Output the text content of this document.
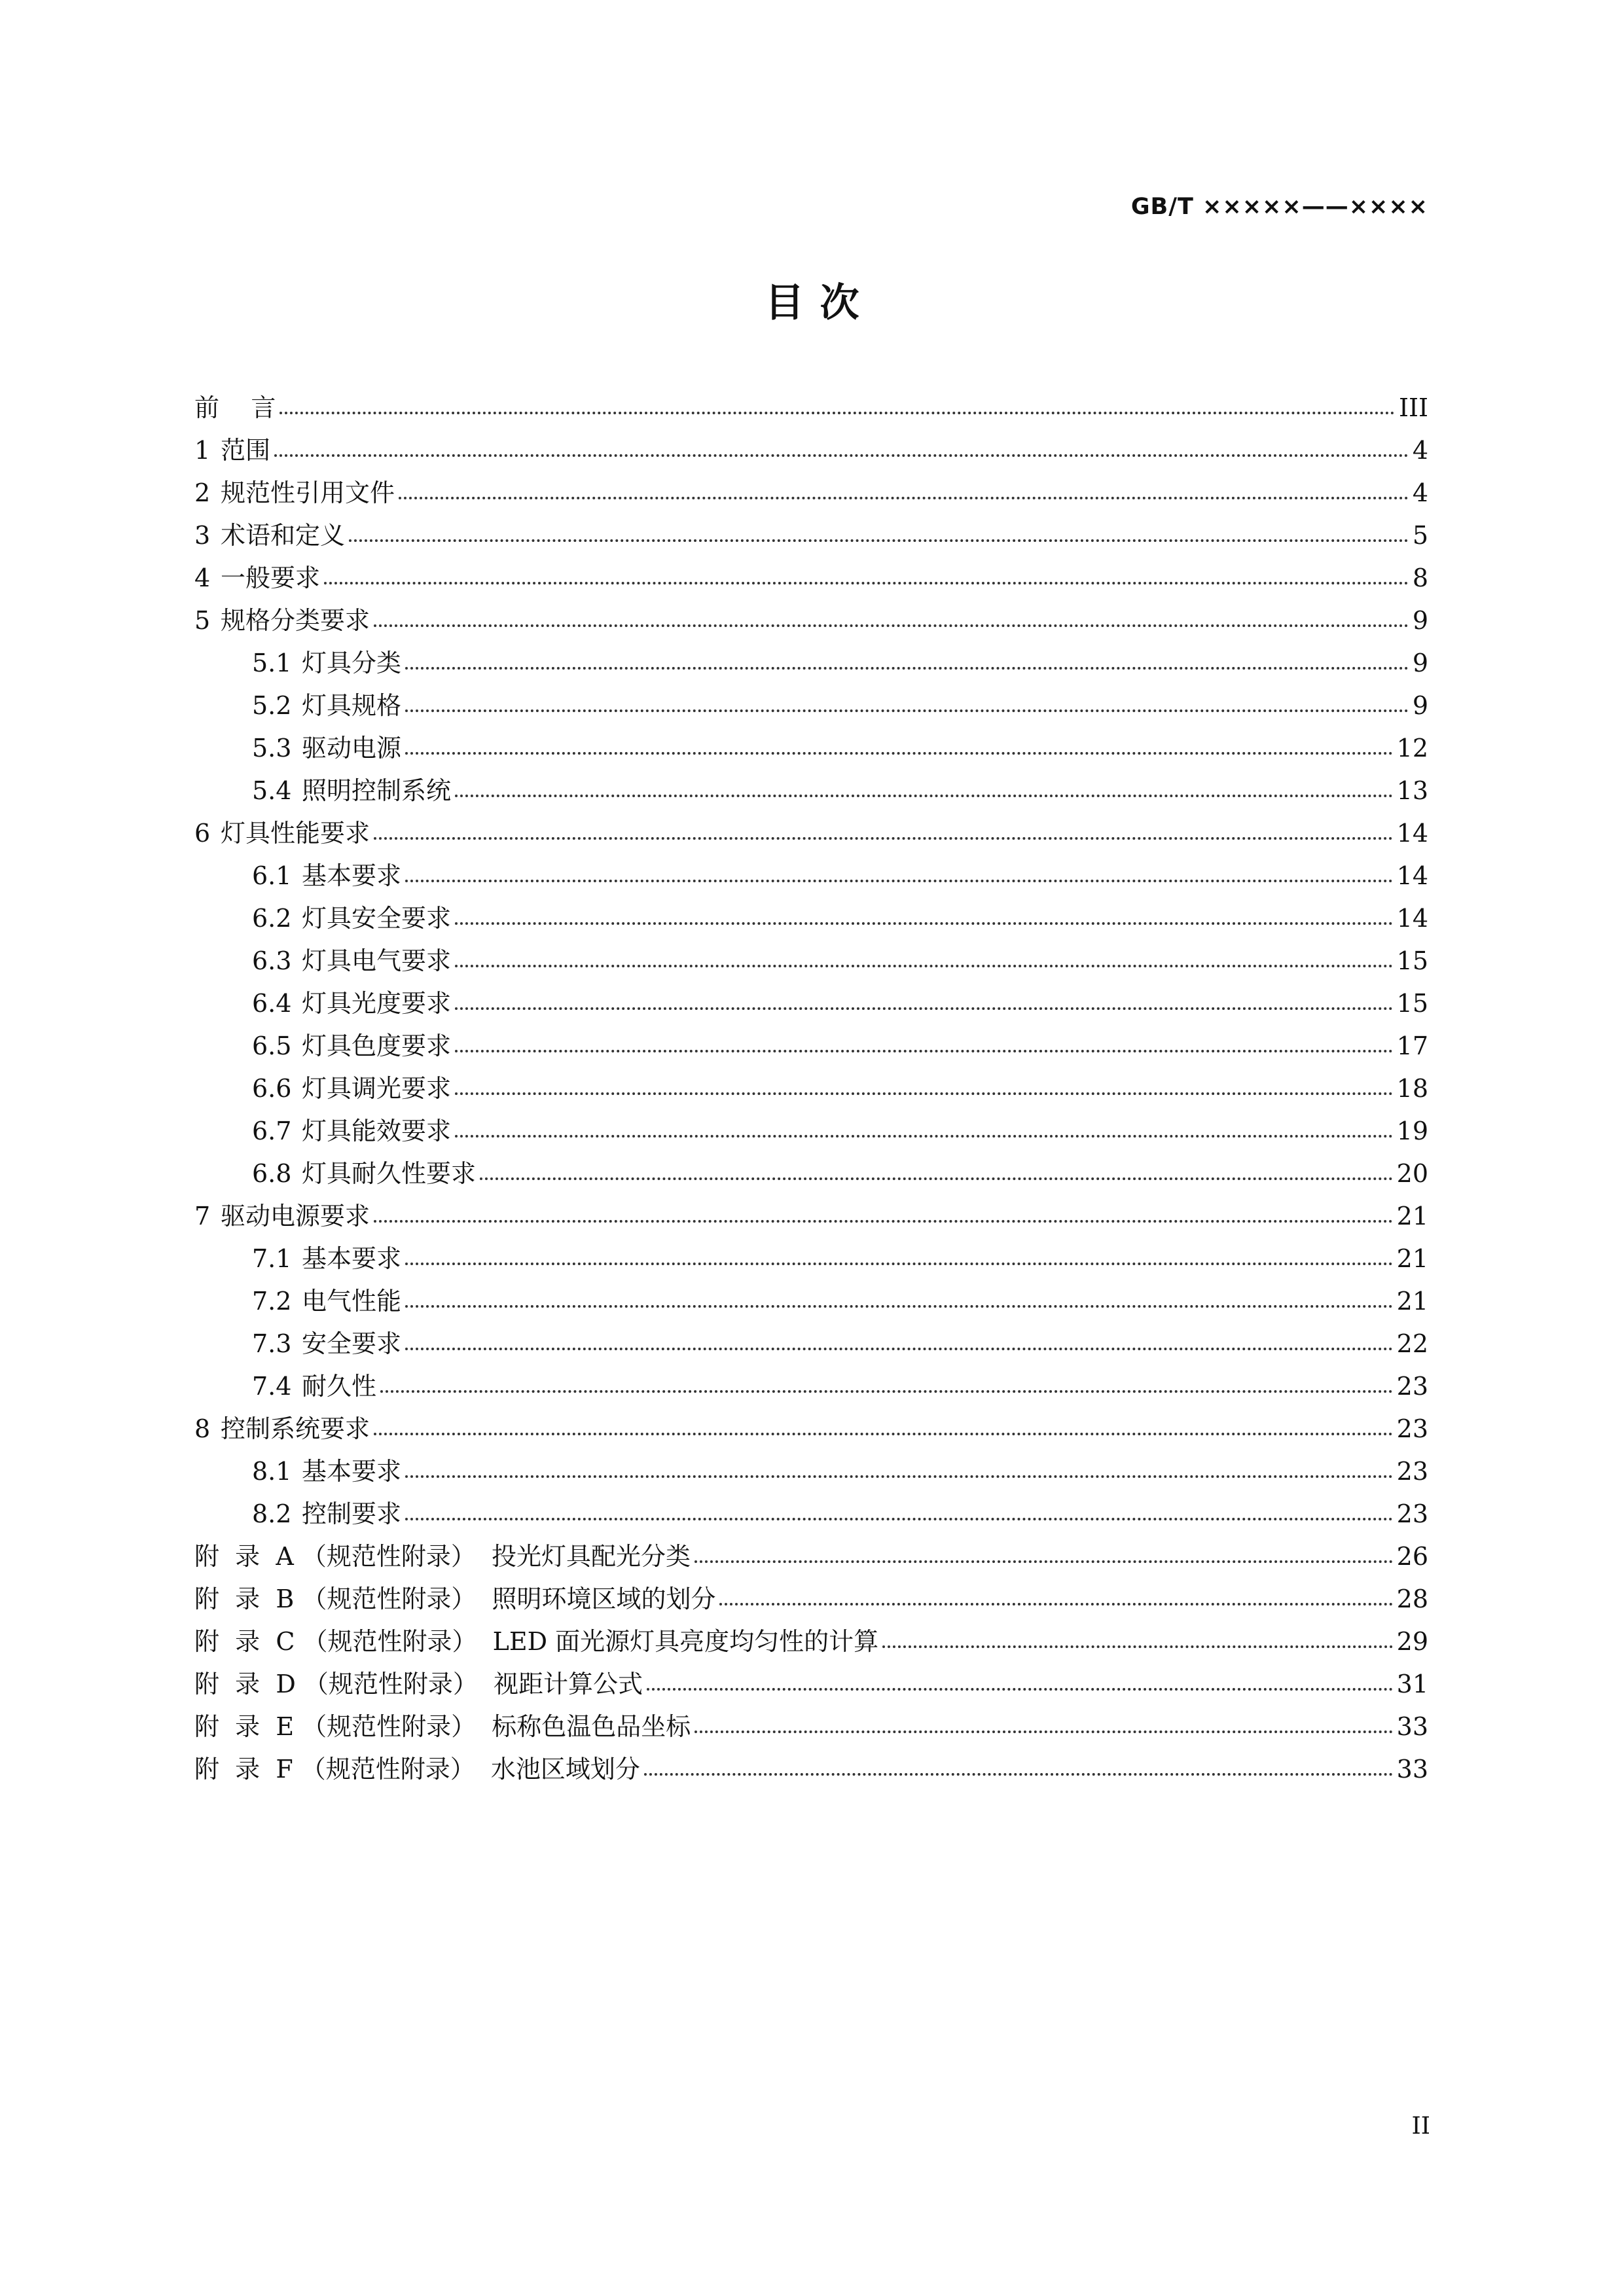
GB/T ×××××——××××
目次
前    言	III
1 范围	4
2 规范性引用文件	4
3 术语和定义	5
4 一般要求	8
5 规格分类要求	9
5.1 灯具分类	9
5.2 灯具规格	9
5.3 驱动电源	12
5.4 照明控制系统	13
6 灯具性能要求	14
6.1 基本要求	14
6.2 灯具安全要求	14
6.3 灯具电气要求	15
6.4 灯具光度要求	15
6.5 灯具色度要求	17
6.6 灯具调光要求	18
6.7 灯具能效要求	19
6.8 灯具耐久性要求	20
7 驱动电源要求	21
7.1 基本要求	21
7.2 电气性能	21
7.3 安全要求	22
7.4 耐久性	23
8 控制系统要求	23
8.1 基本要求	23
8.2 控制要求	23
附  录  A （规范性附录）  投光灯具配光分类	26
附  录  B （规范性附录）  照明环境区域的划分	28
附  录  C （规范性附录）  LED 面光源灯具亮度均匀性的计算	29
附  录  D （规范性附录）  视距计算公式	31
附  录  E （规范性附录）  标称色温色品坐标	33
附  录  F （规范性附录）  水池区域划分	33
II
